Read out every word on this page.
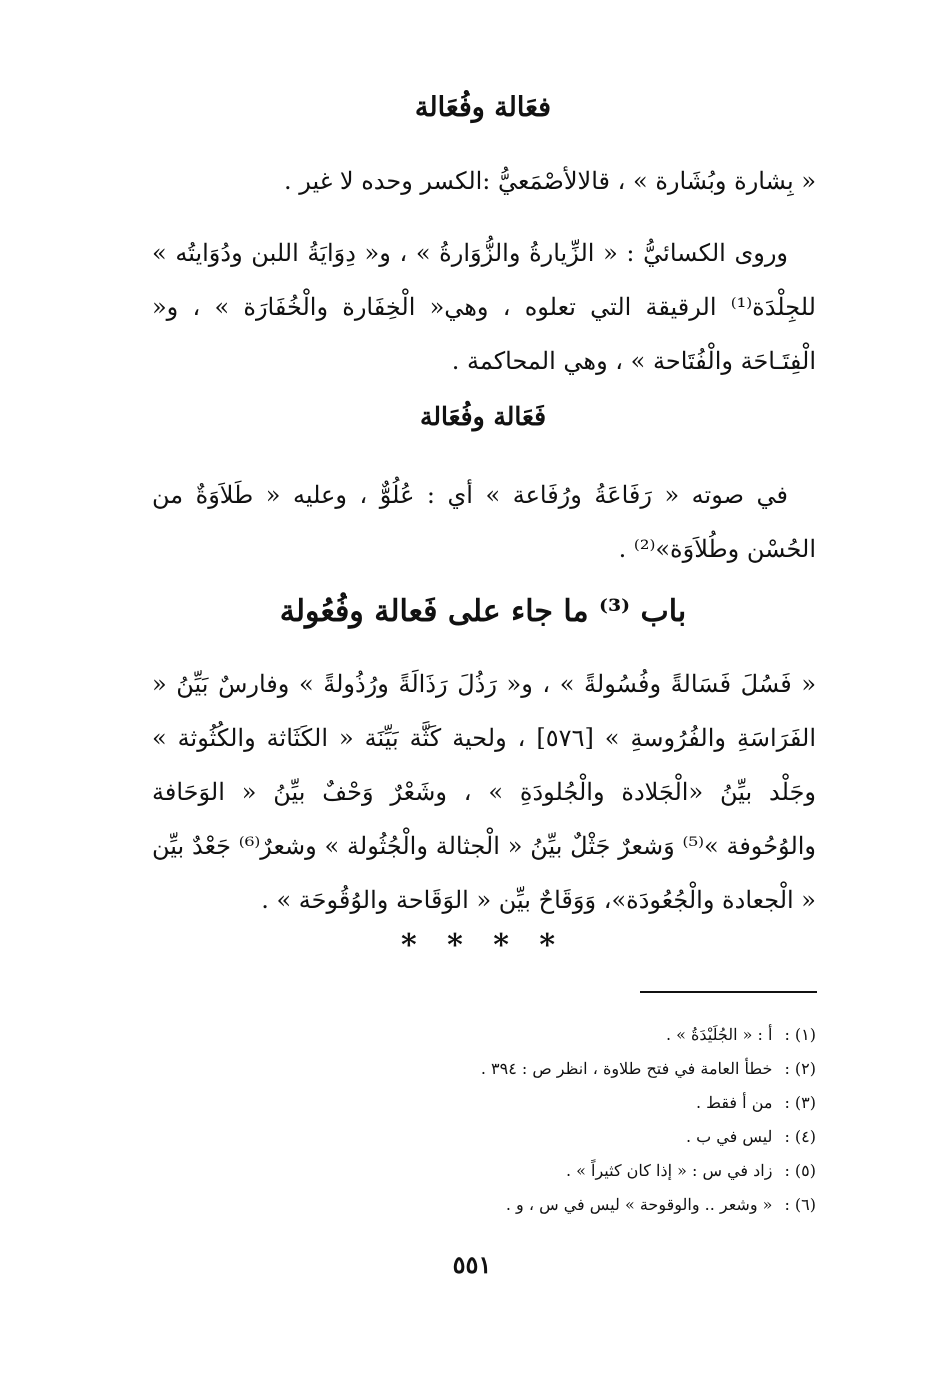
فعَالة وفُعَالة
« بِشارة وبُشَارة » ، قالالأصْمَعيُّ :الكسر وحده لا غير .
وروى الكسائيُّ : « الزِّيارةُ والزُّوَارةُ » ، و« دِوَايَةُ اللبن ودُوَايتُه » للجِلْدَة⁽¹⁾ الرقيقة التي تعلوه ، وهي« الْخِفَارة والْخُفَارَة » ، و« الْفِتَـاحَة والْفُتَاحة » ، وهي المحاكمة .
فَعَالة وفُعَالة
في صوته « رَفَاعَةُ ورُفَاعة » أي : عُلُوٌّ ، وعليه « طَلاَوَةٌ من الحُسْن وطُلاَوَة»⁽²⁾ .
باب ⁽³⁾ ما جاء على فَعالة وفُعُولة
« فَسُلَ فَسَالةً وفُسُولةً » ، و« رَذُلَ رَذَالَةً ورُذُولةً » وفارسٌ بَيِّنُ « الفَرَاسَةِ والفُرُوسةِ » [٥٧٦] ، ولحية كَثَّة بَيِّنَة « الكَثَاثة والكُثُوثة » وجَلْد بيِّنُ «الْجَلادة والْجُلودَةِ » ، وشَعْرٌ وَحْفٌ بيِّنُ « الوَحَافة والوُحُوفة »⁽⁵⁾ وَشعرٌ جَثْلٌ بيِّنُ « الْجثالة والْجُثُولة » وشعرٌ⁽⁶⁾ جَعْدٌ بيِّن « الْجعادة والْجُعُودَة»، وَوَقَاحٌ بيِّن « الوَقَاحة والوُقُوحَة » .
* * * *
(١) :أ : « الجُلَيْدَةُ » .
(٢) :خطأ العامة في فتح طلاوة ، انظر ص : ٣٩٤ .
(٣) :من أ فقط .
(٤) :ليس في ب .
(٥) :زاد في س : « إذا كان كثيراً » .
(٦) :« وشعر .. والوقوحة » ليس في س ، و .
٥٥١
